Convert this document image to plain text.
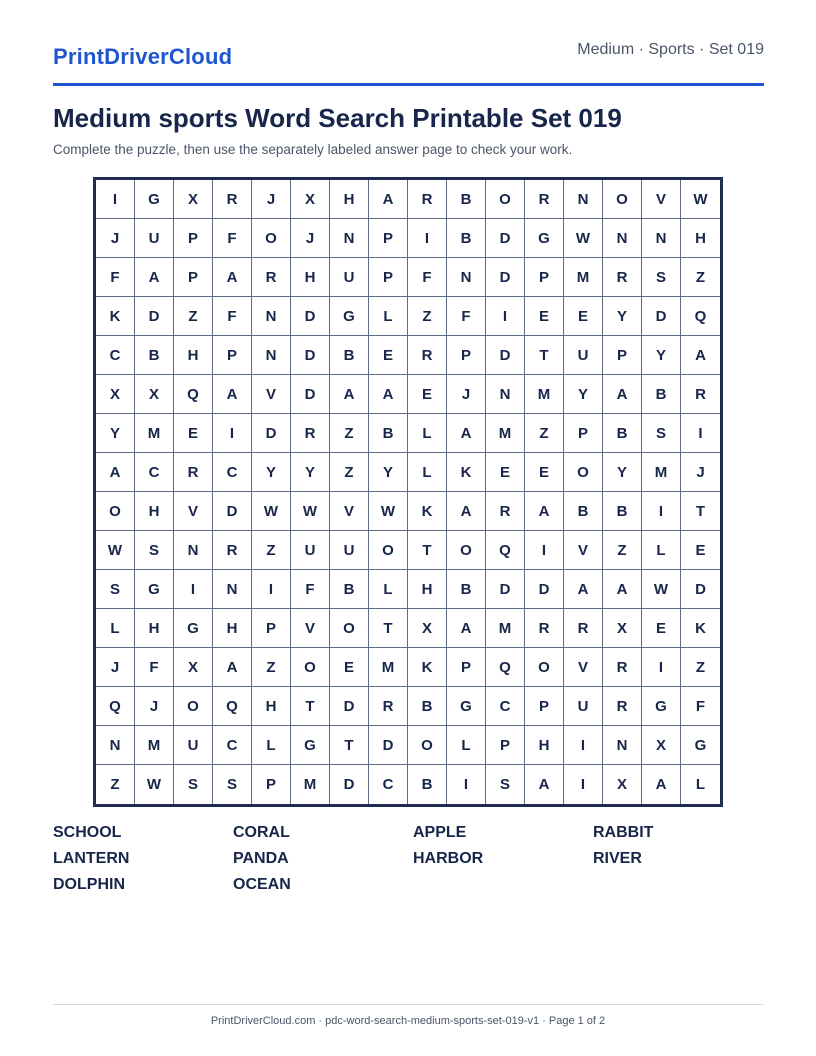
PrintDriverCloud	Medium · Sports · Set 019
Medium sports Word Search Printable Set 019

Complete the puzzle, then use the separately labeled answer page to check your work.

I	G	X	R	J	X	H	A	R	B	O	R	N	O	V	W
J	U	P	F	O	J	N	P	I	B	D	G	W	N	N	H
F	A	P	A	R	H	U	P	F	N	D	P	M	R	S	Z
K	D	Z	F	N	D	G	L	Z	F	I	E	E	Y	D	Q
C	B	H	P	N	D	B	E	R	P	D	T	U	P	Y	A
X	X	Q	A	V	D	A	A	E	J	N	M	Y	A	B	R
Y	M	E	I	D	R	Z	B	L	A	M	Z	P	B	S	I
A	C	R	C	Y	Y	Z	Y	L	K	E	E	O	Y	M	J
O	H	V	D	W	W	V	W	K	A	R	A	B	B	I	T
W	S	N	R	Z	U	U	O	T	O	Q	I	V	Z	L	E
S	G	I	N	I	F	B	L	H	B	D	D	A	A	W	D
L	H	G	H	P	V	O	T	X	A	M	R	R	X	E	K
J	F	X	A	Z	O	E	M	K	P	Q	O	V	R	I	Z
Q	J	O	Q	H	T	D	R	B	G	C	P	U	R	G	F
N	M	U	C	L	G	T	D	O	L	P	H	I	N	X	G
Z	W	S	S	P	M	D	C	B	I	S	A	I	X	A	L
SCHOOL	CORAL	APPLE	RABBIT
LANTERN	PANDA	HARBOR	RIVER
DOLPHIN	OCEAN
PrintDriverCloud.com · pdc-word-search-medium-sports-set-019-v1 · Page 1 of 2
